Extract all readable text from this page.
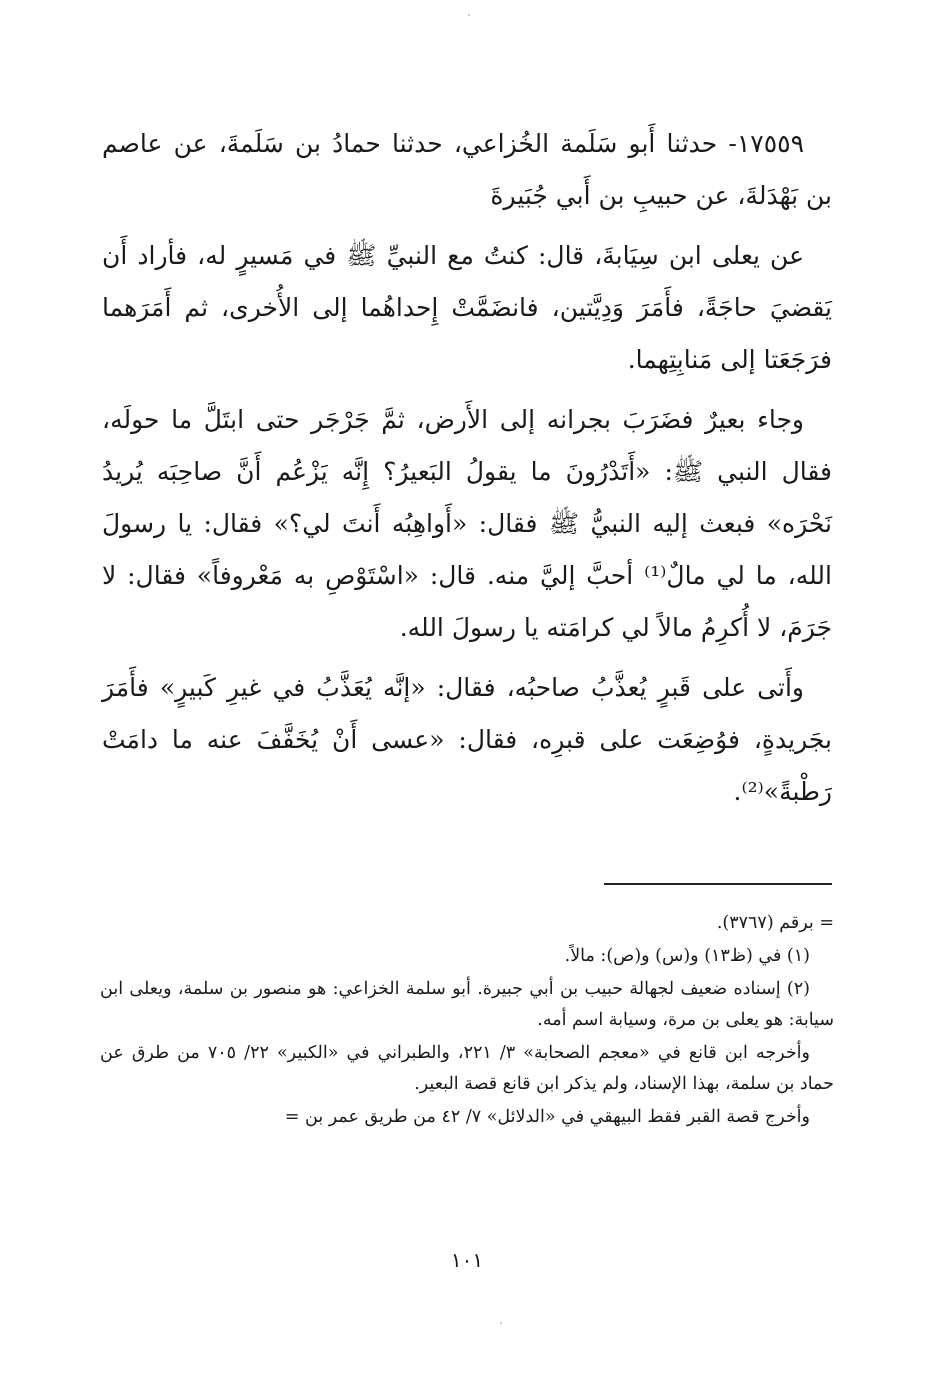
١٧٥٥٩- حدثنا أَبو سَلَمة الخُزاعي، حدثنا حمادُ بن سَلَمةَ، عن عاصم بن بَهْدَلةَ، عن حبيبِ بن أَبي جُبَيرةَ

عن يعلى ابن سِيَابةَ، قال: كنتُ مع النبيِّ ﷺ في مَسيرٍ له، فأراد أَن يَقضيَ حاجَةً، فأَمَرَ وَدِيَّتين، فانضَمَّتْ إِحداهُما إلى الأُخرى، ثم أَمَرَهما فرَجَعَتا إلى مَنابِتِهما.

وجاء بعيرٌ فضَرَبَ بجرانه إلى الأَرض، ثمَّ جَرْجَر حتى ابتَلَّ ما حولَه، فقال النبي ﷺ: «أَتَدْرُونَ ما يقولُ البَعيرُ؟ إِنَّه يَزْعُم أَنَّ صاحِبَه يُريدُ نَحْرَه» فبعث إليه النبيُّ ﷺ فقال: «أَواهِبُه أَنتَ لي؟» فقال: يا رسولَ الله، ما لي مالٌ⁽¹⁾ أحبَّ إليَّ منه. قال: «اسْتَوْصِ به مَعْروفاً» فقال: لا جَرَمَ، لا أُكرِمُ مالاً لي كرامَته يا رسولَ الله.

وأَتى على قَبرٍ يُعذَّبُ صاحبُه، فقال: «إنَّه يُعَذَّبُ في غيرِ كَبيرٍ» فأَمَرَ بجَريدةٍ، فوُضِعَت على قبرِه، فقال: «عسى أَنْ يُخَفَّفَ عنه ما دامَتْ رَطْبةً»⁽²⁾.

= برقم (٣٧٦٧).

(١) في (ظ١٣) و(س) و(ص): مالاً.

(٢) إسناده ضعيف لجهالة حبيب بن أبي جبيرة. أبو سلمة الخزاعي: هو منصور بن سلمة، ويعلى ابن سيابة: هو يعلى بن مرة، وسيابة اسم أمه.

وأخرجه ابن قانع في «معجم الصحابة» ٣/ ٢٢١، والطبراني في «الكبير» ٢٢/ ٧٠٥ من طرق عن حماد بن سلمة، بهذا الإسناد، ولم يذكر ابن قانع قصة البعير.

وأخرج قصة القبر فقط البيهقي في «الدلائل» ٧/ ٤٢ من طريق عمر بن =

١٠١
